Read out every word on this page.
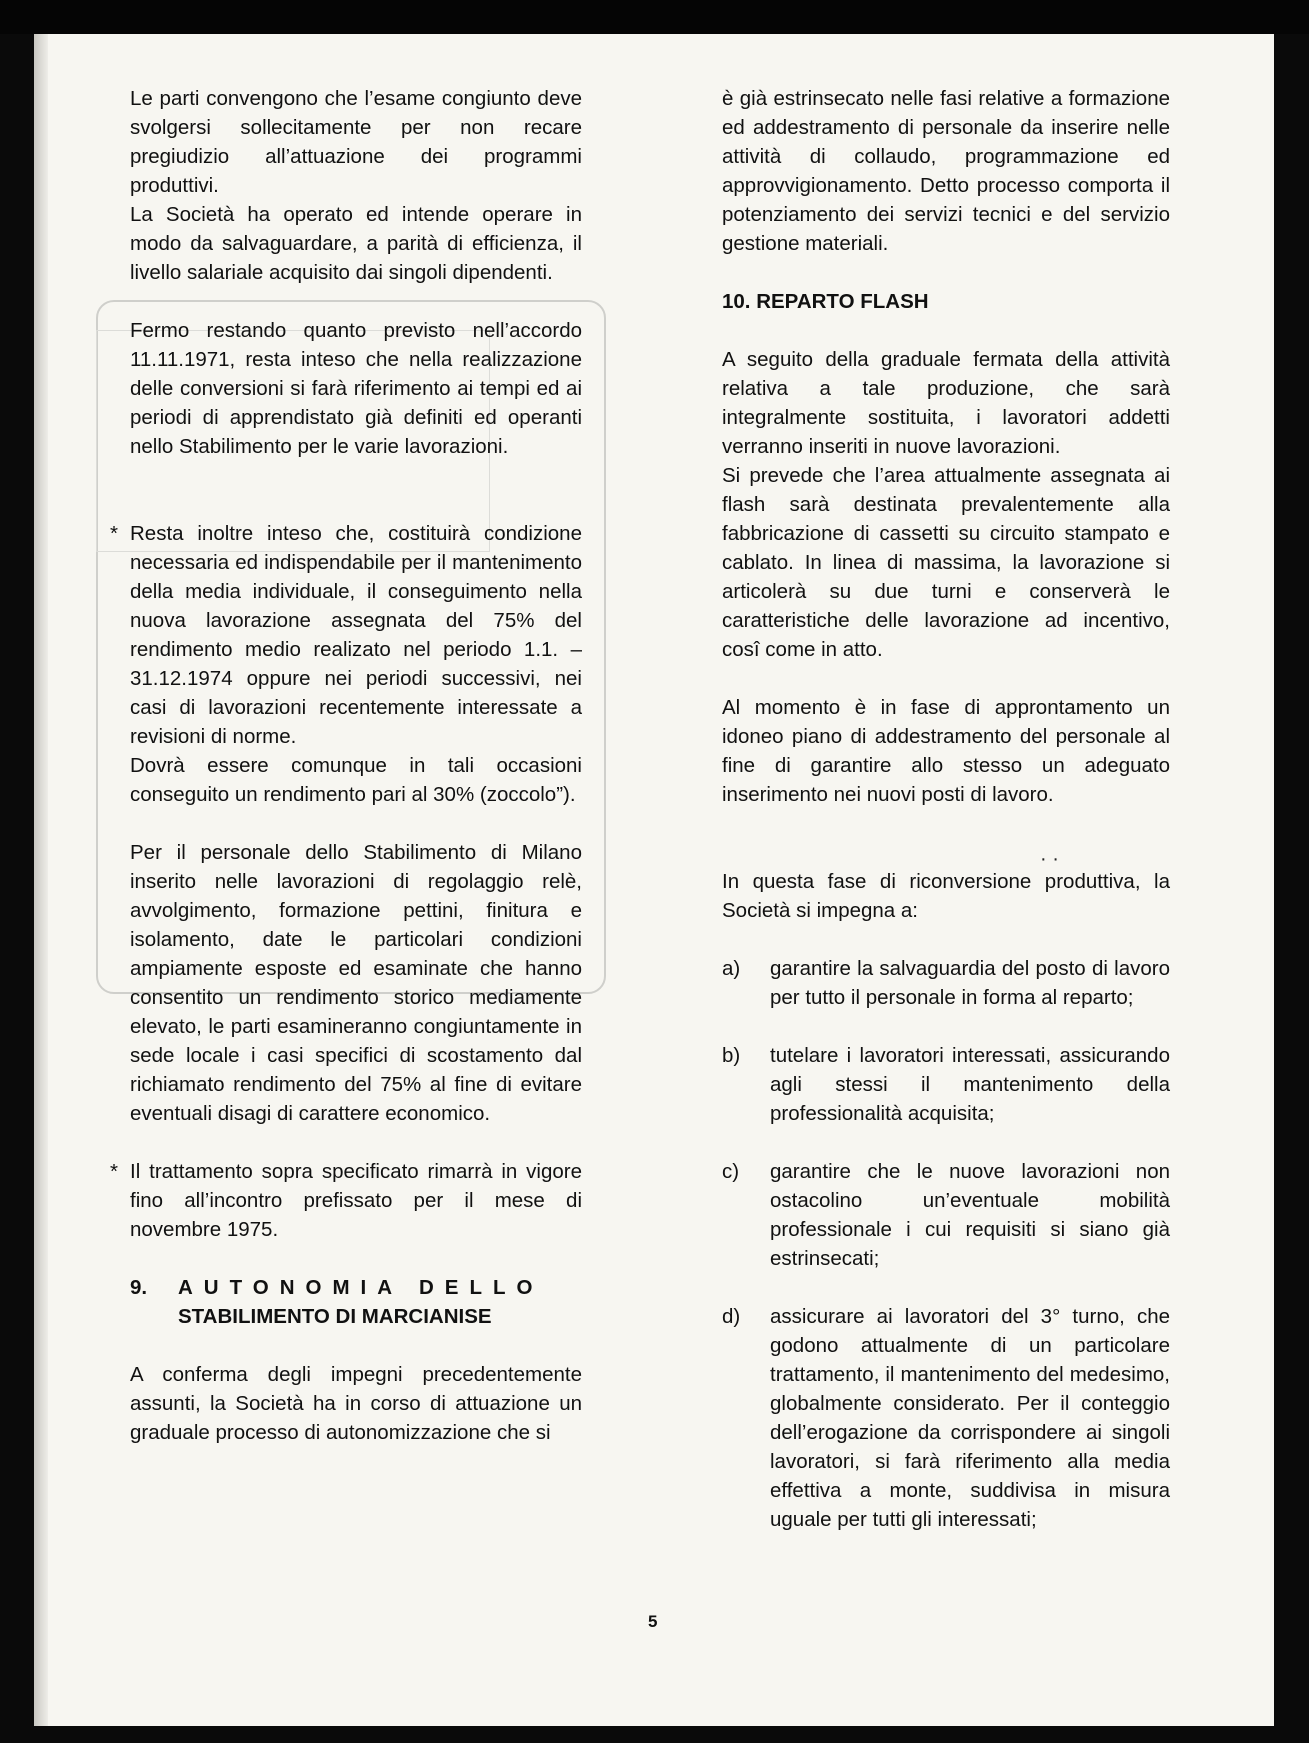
Le parti convengono che l’esame congiunto deve svolgersi sollecitamente per non recare pregiudizio all’attuazione dei programmi produttivi.

La Società ha operato ed intende operare in modo da salvaguardare, a parità di efficienza, il livello salariale acquisito dai singoli dipendenti.

Fermo restando quanto previsto nell’accordo 11.11.1971, resta inteso che nella realizzazione delle conversioni si farà riferimento ai tempi ed ai periodi di apprendistato già definiti ed operanti nello Stabilimento per le varie lavorazioni.

* Resta inoltre inteso che, costituirà condizione necessaria ed indispendabile per il mantenimento della media individuale, il conseguimento nella nuova lavorazione assegnata del 75% del rendimento medio realizato nel periodo 1.1. – 31.12.1974 oppure nei periodi successivi, nei casi di lavorazioni recentemente interessate a revisioni di norme.

Dovrà essere comunque in tali occasioni conseguito un rendimento pari al 30% (zoccolo”).

Per il personale dello Stabilimento di Milano inserito nelle lavorazioni di regolaggio relè, avvolgimento, formazione pettini, finitura e isolamento, date le particolari condizioni ampiamente esposte ed esaminate che hanno consentito un rendimento storico mediamente elevato, le parti esamineranno congiuntamente in sede locale i casi specifici di scostamento dal richiamato rendimento del 75% al fine di evitare eventuali disagi di carattere economico.

* Il trattamento sopra specificato rimarrà in vigore fino all’incontro prefissato per il mese di novembre 1975.

9.	AUTONOMIA DELLO
STABILIMENTO DI MARCIANISE

A conferma degli impegni precedentemente assunti, la Società ha in corso di attuazione un graduale processo di autonomizzazione che si

è già estrinsecato nelle fasi relative a formazione ed addestramento di personale da inserire nelle attività di collaudo, programmazione ed approvvigionamento. Detto processo comporta il potenziamento dei servizi tecnici e del servizio gestione materiali.

10. REPARTO FLASH

A seguito della graduale fermata della attività relativa a tale produzione, che sarà integralmente sostituita, i lavoratori addetti verranno inseriti in nuove lavorazioni.

Si prevede che l’area attualmente assegnata ai flash sarà destinata prevalentemente alla fabbricazione di cassetti su circuito stampato e cablato. In linea di massima, la lavorazione si articolerà su due turni e conserverà le caratteristiche delle lavorazione ad incentivo, cosî come in atto.

Al momento è in fase di approntamento un idoneo piano di addestramento del personale al fine di garantire allo stesso un adeguato inserimento nei nuovi posti di lavoro.

In questa fase di riconversione produttiva, la Società si impegna a:

a)	garantire la salvaguardia del posto di lavoro per tutto il personale in forma al reparto;
b)	tutelare i lavoratori interessati, assicurando agli stessi il mantenimento della professionalità acquisita;
c)	garantire che le nuove lavorazioni non ostacolino un’eventuale mobilità professionale i cui requisiti si siano già estrinsecati;
d)	assicurare ai lavoratori del 3° turno, che godono attualmente di un particolare trattamento, il mantenimento del medesimo, globalmente considerato. Per il conteggio dell’erogazione da corrispondere ai singoli lavoratori, si farà riferimento alla media effettiva a monte, suddivisa in misura uguale per tutti gli interessati;
· ·
5
